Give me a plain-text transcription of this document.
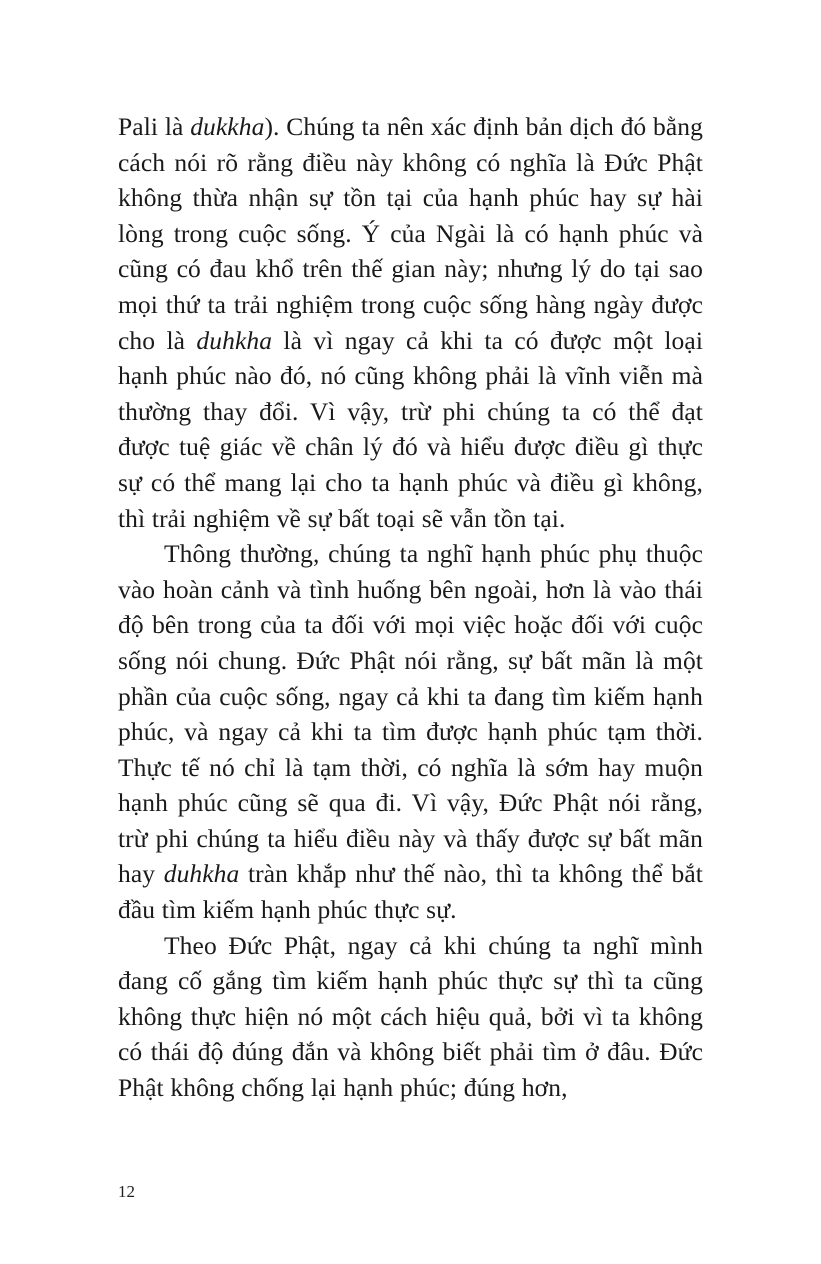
Pali là dukkha). Chúng ta nên xác định bản dịch đó bằng cách nói rõ rằng điều này không có nghĩa là Đức Phật không thừa nhận sự tồn tại của hạnh phúc hay sự hài lòng trong cuộc sống. Ý của Ngài là có hạnh phúc và cũng có đau khổ trên thế gian này; nhưng lý do tại sao mọi thứ ta trải nghiệm trong cuộc sống hàng ngày được cho là duhkha là vì ngay cả khi ta có được một loại hạnh phúc nào đó, nó cũng không phải là vĩnh viễn mà thường thay đổi. Vì vậy, trừ phi chúng ta có thể đạt được tuệ giác về chân lý đó và hiểu được điều gì thực sự có thể mang lại cho ta hạnh phúc và điều gì không, thì trải nghiệm về sự bất toại sẽ vẫn tồn tại.

Thông thường, chúng ta nghĩ hạnh phúc phụ thuộc vào hoàn cảnh và tình huống bên ngoài, hơn là vào thái độ bên trong của ta đối với mọi việc hoặc đối với cuộc sống nói chung. Đức Phật nói rằng, sự bất mãn là một phần của cuộc sống, ngay cả khi ta đang tìm kiếm hạnh phúc, và ngay cả khi ta tìm được hạnh phúc tạm thời. Thực tế nó chỉ là tạm thời, có nghĩa là sớm hay muộn hạnh phúc cũng sẽ qua đi. Vì vậy, Đức Phật nói rằng, trừ phi chúng ta hiểu điều này và thấy được sự bất mãn hay duhkha tràn khắp như thế nào, thì ta không thể bắt đầu tìm kiếm hạnh phúc thực sự.

Theo Đức Phật, ngay cả khi chúng ta nghĩ mình đang cố gắng tìm kiếm hạnh phúc thực sự thì ta cũng không thực hiện nó một cách hiệu quả, bởi vì ta không có thái độ đúng đắn và không biết phải tìm ở đâu. Đức Phật không chống lại hạnh phúc; đúng hơn,

12
